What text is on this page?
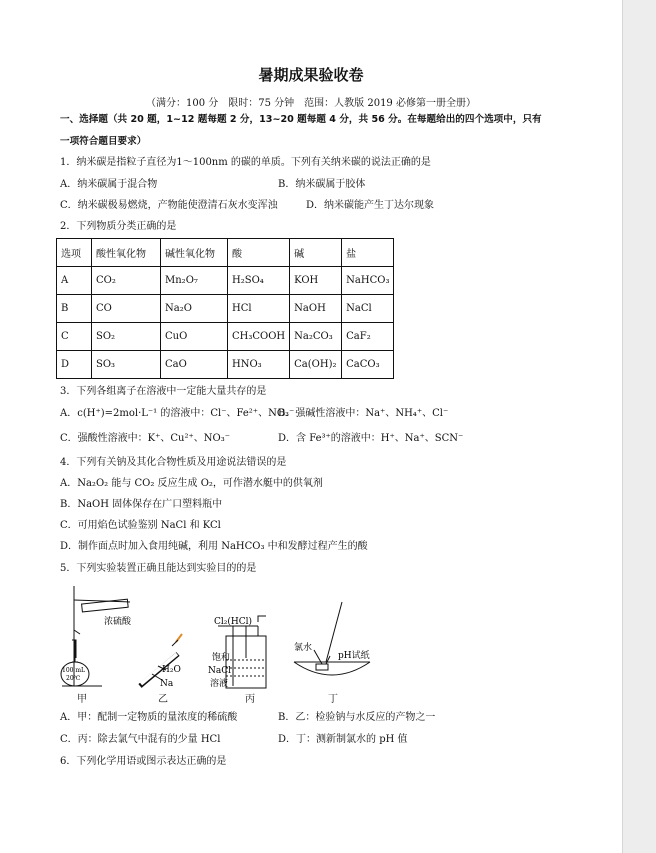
暑期成果验收卷
（满分：100 分　限时：75 分钟　范围：人教版 2019 必修第一册全册）
一、选择题（共 20 题，1~12 题每题 2 分，13~20 题每题 4 分，共 56 分。在每题给出的四个选项中，只有
一项符合题目要求）
1．纳米碳是指粒子直径为1～100nm 的碳的单质。下列有关纳米碳的说法正确的是
A．纳米碳属于混合物	B．纳米碳属于胶体
C．纳米碳极易燃烧，产物能使澄清石灰水变浑浊	D．纳米碳能产生丁达尔现象
2．下列物质分类正确的是
选项	酸性氧化物	碱性氧化物	酸	碱	盐
A	CO₂	Mn₂O₇	H₂SO₄	KOH	NaHCO₃
B	CO	Na₂O	HCl	NaOH	NaCl
C	SO₂	CuO	CH₃COOH	Na₂CO₃	CaF₂
D	SO₃	CaO	HNO₃	Ca(OH)₂	CaCO₃
3．下列各组离子在溶液中一定能大量共存的是
A．c(H⁺)=2mol·L⁻¹ 的溶液中：Cl⁻、Fe²⁺、NO₃⁻
B．强碱性溶液中：Na⁺、NH₄⁺、Cl⁻
C．强酸性溶液中：K⁺、Cu²⁺、NO₃⁻	D．含 Fe³⁺的溶液中：H⁺、Na⁺、SCN⁻
4．下列有关钠及其化合物性质及用途说法错误的是
A．Na₂O₂ 能与 CO₂ 反应生成 O₂，可作潜水艇中的供氧剂
B．NaOH 固体保存在广口塑料瓶中
C．可用焰色试验鉴别 NaCl 和 KCl
D．制作面点时加入食用纯碱，利用 NaHCO₃ 中和发酵过程产生的酸
5．下列实验装置正确且能达到实验目的的是
浓硫酸
100 mL
20℃
H₂O
Na
Cl₂(HCl)
饱和
NaCl
溶液
氯水
pH试纸
甲	乙	丙	丁
A．甲：配制一定物质的量浓度的稀硫酸	B．乙：检验钠与水反应的产物之一
C．丙：除去氯气中混有的少量 HCl	D．丁：测新制氯水的 pH 值
6．下列化学用语或图示表达正确的是
